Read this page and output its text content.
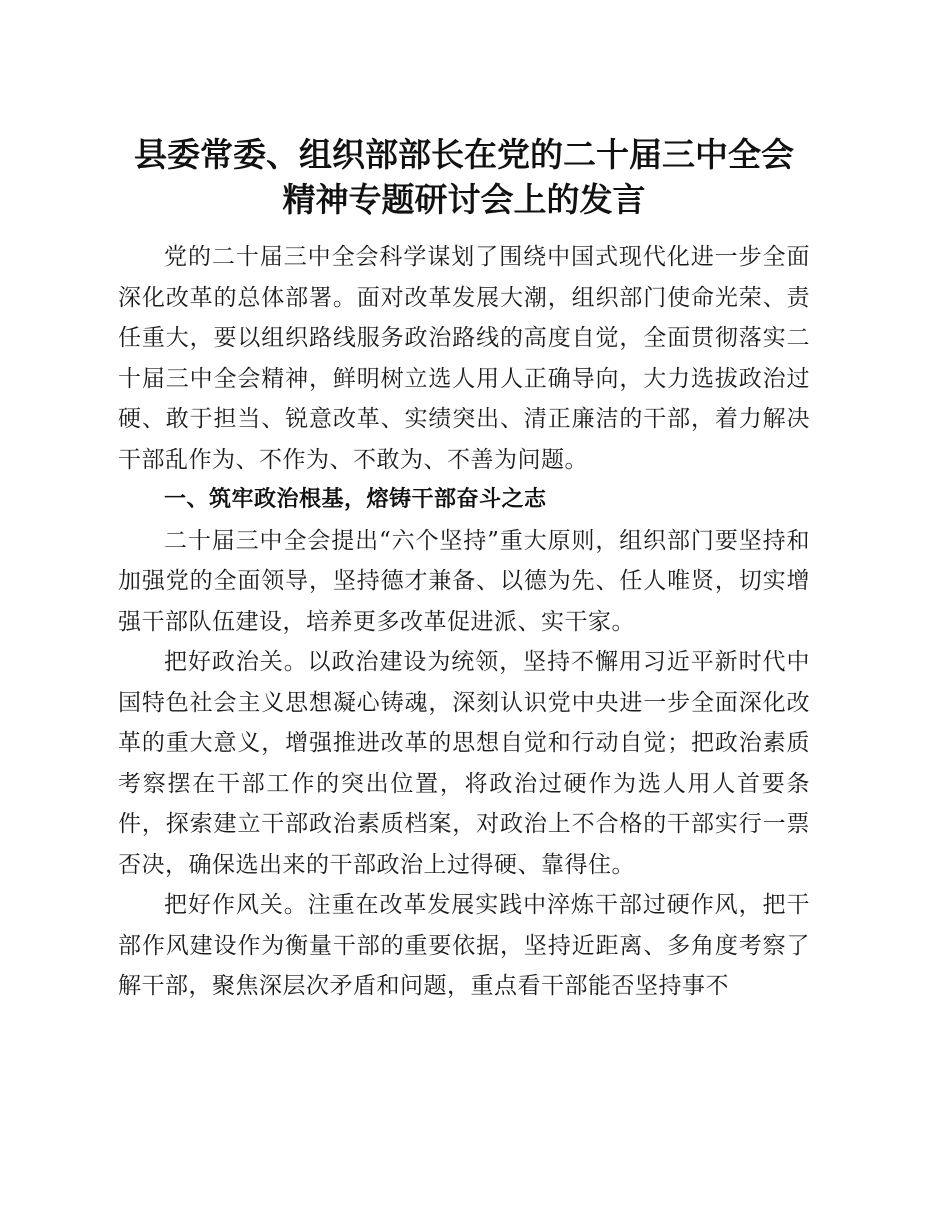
县委常委、组织部部长在党的二十届三中全会
精神专题研讨会上的发言

党的二十届三中全会科学谋划了围绕中国式现代化进一步全面深化改革的总体部署。面对改革发展大潮，组织部门使命光荣、责任重大，要以组织路线服务政治路线的高度自觉，全面贯彻落实二十届三中全会精神，鲜明树立选人用人正确导向，大力选拔政治过硬、敢于担当、锐意改革、实绩突出、清正廉洁的干部，着力解决干部乱作为、不作为、不敢为、不善为问题。

一、筑牢政治根基，熔铸干部奋斗之志

二十届三中全会提出“六个坚持”重大原则，组织部门要坚持和加强党的全面领导，坚持德才兼备、以德为先、任人唯贤，切实增强干部队伍建设，培养更多改革促进派、实干家。

把好政治关。以政治建设为统领，坚持不懈用习近平新时代中国特色社会主义思想凝心铸魂，深刻认识党中央进一步全面深化改革的重大意义，增强推进改革的思想自觉和行动自觉；把政治素质考察摆在干部工作的突出位置，将政治过硬作为选人用人首要条件，探索建立干部政治素质档案，对政治上不合格的干部实行一票否决，确保选出来的干部政治上过得硬、靠得住。

把好作风关。注重在改革发展实践中淬炼干部过硬作风，把干部作风建设作为衡量干部的重要依据，坚持近距离、多角度考察了解干部，聚焦深层次矛盾和问题，重点看干部能否坚持事不
